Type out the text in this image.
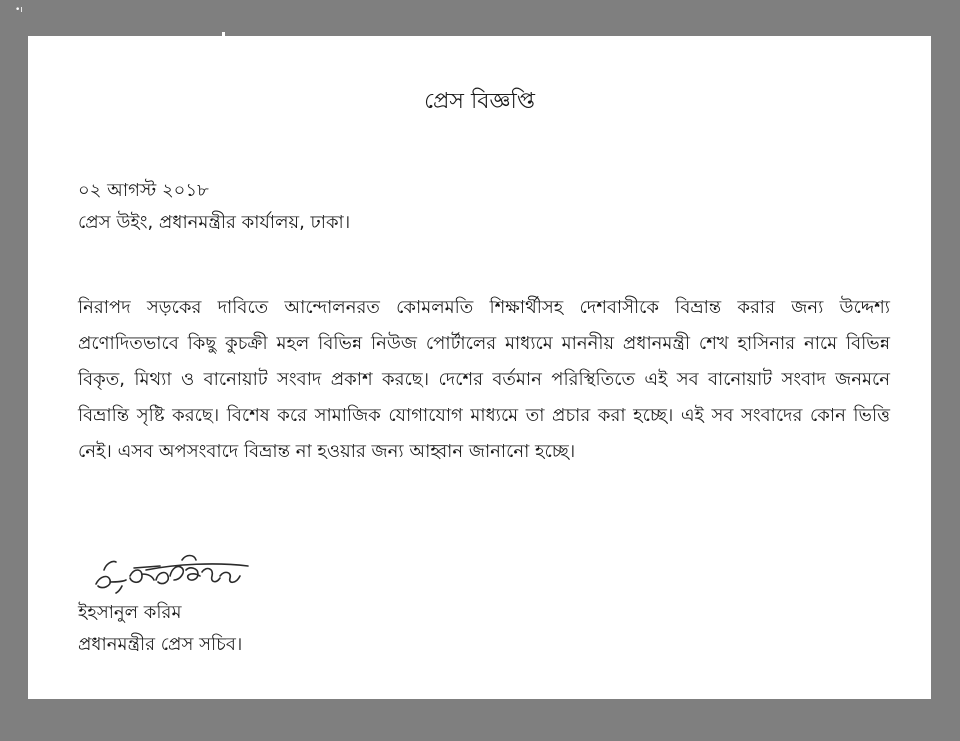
•ı
প্রেস বিজ্ঞপ্তি
০২ আগস্ট ২০১৮
প্রেস উইং, প্রধানমন্ত্রীর কার্যালয়, ঢাকা।
নিরাপদ সড়কের দাবিতে আন্দোলনরত কোমলমতি শিক্ষার্থীসহ দেশবাসীকে বিভ্রান্ত করার জন্য উদ্দেশ্য প্রণোদিতভাবে কিছু কুচক্রী মহল বিভিন্ন নিউজ পোর্টালের মাধ্যমে মাননীয় প্রধানমন্ত্রী শেখ হাসিনার নামে বিভিন্ন বিকৃত, মিথ্যা ও বানোয়াট সংবাদ প্রকাশ করছে। দেশের বর্তমান পরিস্থিতিতে এই সব বানোয়াট সংবাদ জনমনে বিভ্রান্তি সৃষ্টি করছে। বিশেষ করে সামাজিক যোগাযোগ মাধ্যমে তা প্রচার করা হচ্ছে। এই সব সংবাদের কোন ভিত্তি নেই। এসব অপসংবাদে বিভ্রান্ত না হওয়ার জন্য আহ্বান জানানো হচ্ছে।
ইহসানুল করিম
প্রধানমন্ত্রীর প্রেস সচিব।
